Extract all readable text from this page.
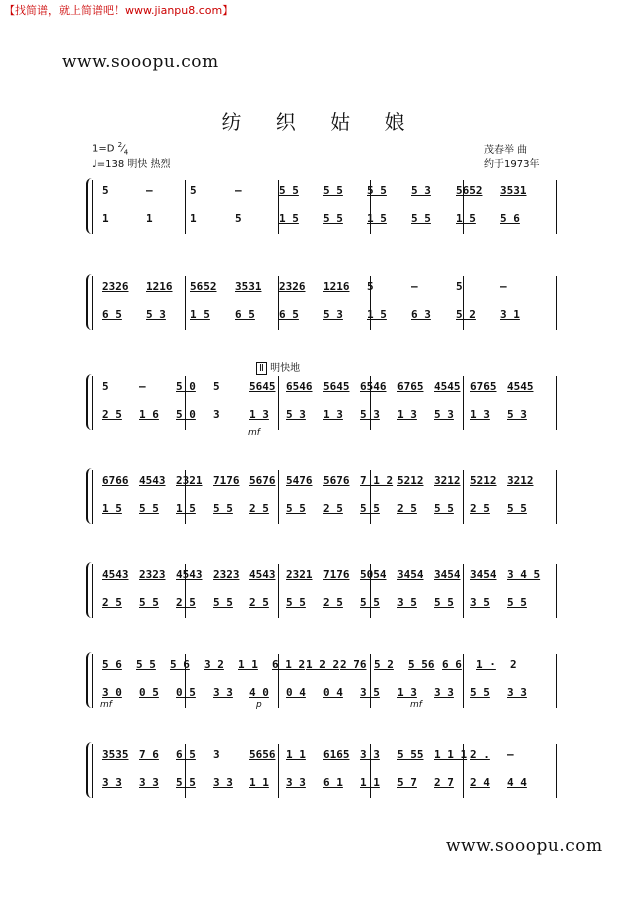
【找简谱，就上简谱吧！www.jianpu8.com】
www.sooopu.com
纺 织 姑 娘
1=D $^2⁄_4$
♩=138 明快 热烈
茂春举 曲
约于1973年
5	—	5	—	5 5 5 5 5 5 5 3 5652 3531
1	1	1	5	1 5 5 5 1 5 5 5 1 5 5 6
2326 1216 5652 3531 2326 1216 5	—	5	—
6 5 5 3 1 5 6 5 6 5 5 3 1 5 6 3 5 2 3 1
5	—	5 0 5	5645 6546 5645 6546 6765 4545 6765 4545
2 5 1 6 5 0 3	1 3 5 3 1 3 5 3 1 3 5 3 1 3 5 3
6766 4543 2321 7176 5676 5476 5676 7 1 2 5212 3212 5212 3212
1 5 5 5 1 5 5 5 2 5 5 5 2 5 5 5 2 5 5 5 2 5 5 5
4543 2323 4543 2323 4543 2321 7176 5054 3454 3454 3454 3 4 5
2 5 5 5 2 5 5 5 2 5 5 5 2 5 5 5 3 5 5 5 3 5 5 5
5 6 5 5 5 6 3 2 1 1 6 1 2 1 2 2 2 76 5 2 5 56 6 6 1 · 2
3 0 0 5 0 5 3 3 4 0 0 4 0 4 3 5 1 3 3 3 5 5 3 3
3535 7 6 6 5 3	5656 1 1 6165 3 3 5 55 1 1 1 2 . —
3 3 3 3 5 5 3 3 1 1 3 3 6 1 1 1 5 7 2 7 2 4 4 4
Ⅱ 明快地
mf
mf	p	mf
www.sooopu.com
